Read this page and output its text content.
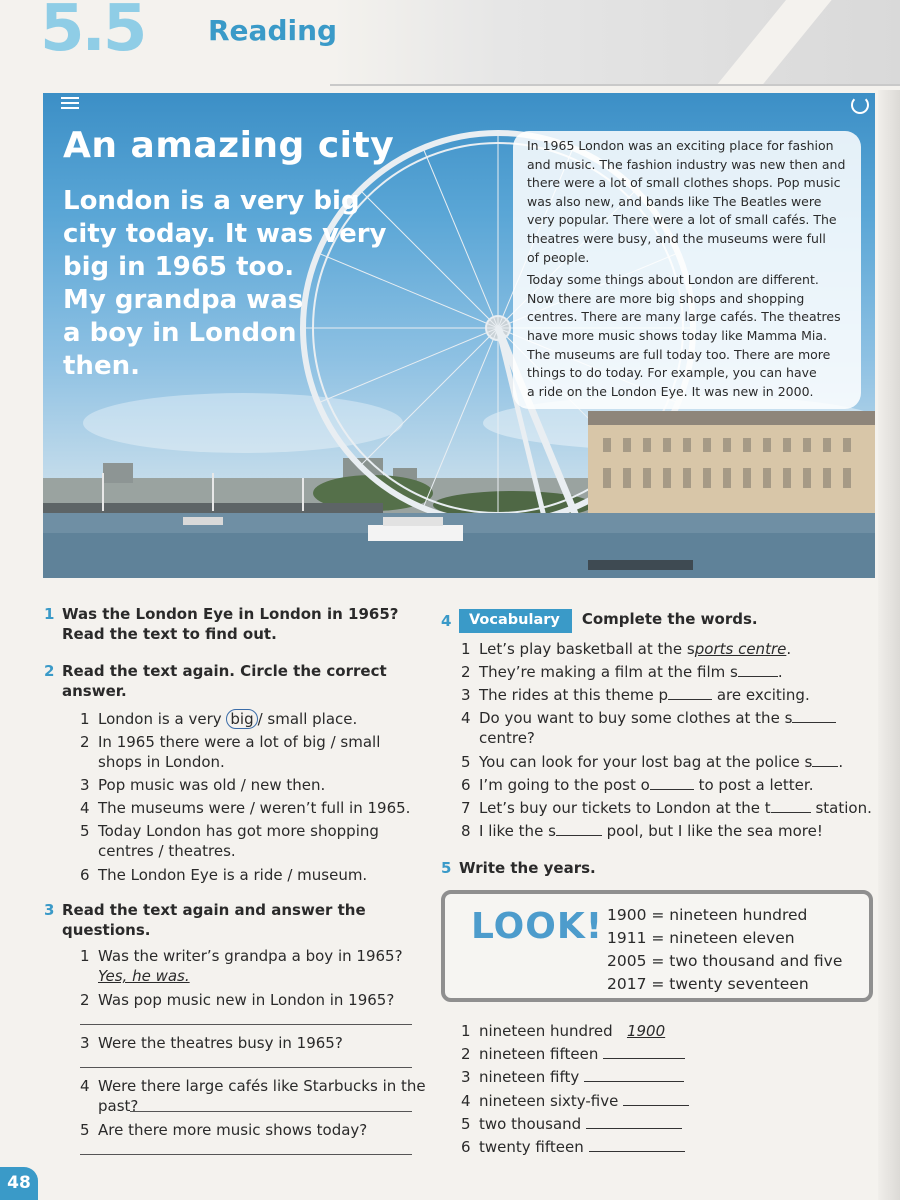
5.5 Reading
An amazing city
London is a very big
city today. It was very
big in 1965 too.
My grandpa was
a boy in London
then.
In 1965 London was an exciting place for fashion
and music. The fashion industry was new then and
there were a lot of small clothes shops. Pop music
was also new, and bands like The Beatles were
very popular. There were a lot of small cafés. The
theatres were busy, and the museums were full
of people.
Today some things about London are different.
Now there are more big shops and shopping
centres. There are many large cafés. The theatres
have more music shows today like Mamma Mia.
The museums are full today too. There are more
things to do today. For example, you can have
a ride on the London Eye. It was new in 2000.
1 Was the London Eye in London in 1965?
Read the text to find out.
2 Read the text again. Circle the correct
answer.
1 London is a very big / small place.
2 In 1965 there were a lot of big / small
shops in London.
3 Pop music was old / new then.
4 The museums were / weren’t full in 1965.
5 Today London has got more shopping
centres / theatres.
6 The London Eye is a ride / museum.
3 Read the text again and answer the
questions.
1 Was the writer’s grandpa a boy in 1965?
Yes, he was.
2 Was pop music new in London in 1965?
3 Were the theatres busy in 1965?
4 Were there large cafés like Starbucks in the
past?
5 Are there more music shows today?
4	Vocabulary Complete the words.
1 Let’s play basketball at the sports centre.
2 They’re making a film at the film s	.
3 The rides at this theme p	are exciting.
4 Do you want to buy some clothes at the s
centre?
5 You can look for your lost bag at the police s .
6 I’m going to the post o	to post a letter.
7 Let’s buy our tickets to London at the t	station.
8 I like the s	pool, but I like the sea more!
5 Write the years.
1 nineteen hundred 1900
2 nineteen fifteen
3 nineteen fifty
4 nineteen sixty-five
5 two thousand
6 twenty fifteen
LOOK! 1900 = nineteen hundred
1911 = nineteen eleven
2005 = two thousand and five
2017 = twenty seventeen
48
